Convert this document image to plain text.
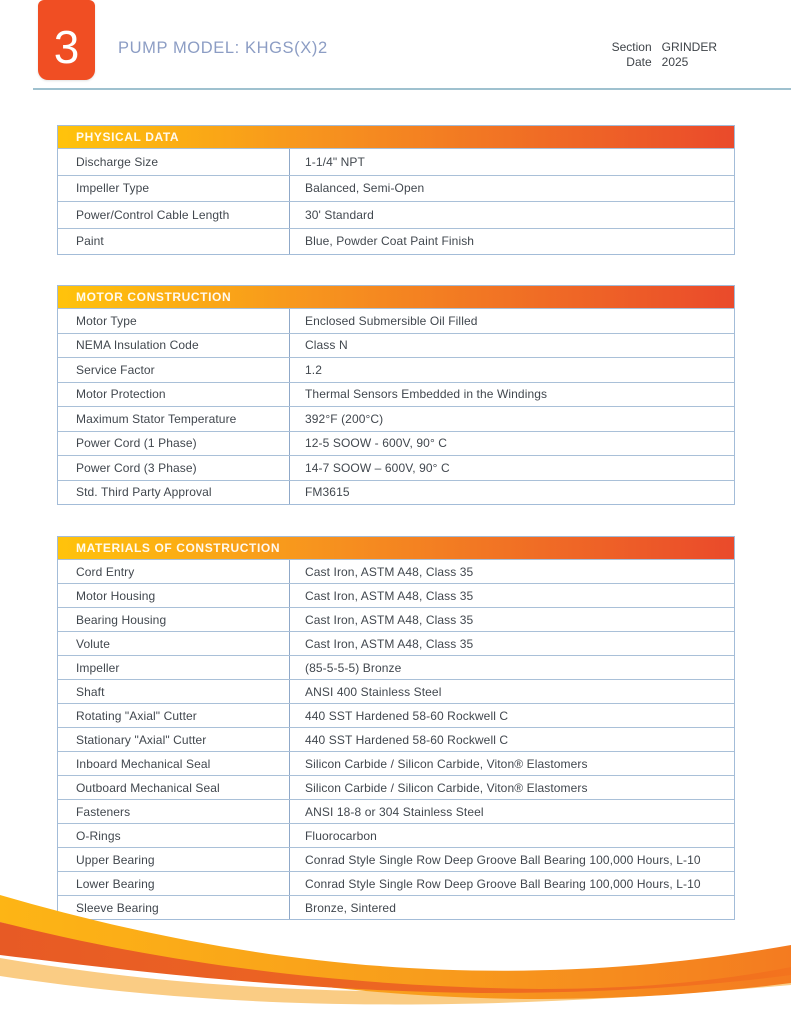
3 PUMP MODEL: KHGS(X)2	Section GRINDER
Date 2025
PHYSICAL DATA
Discharge Size	1-1/4" NPT
Impeller Type	Balanced, Semi-Open
Power/Control Cable Length	30' Standard
Paint	Blue, Powder Coat Paint Finish
MOTOR CONSTRUCTION
Motor Type	Enclosed Submersible Oil Filled
NEMA Insulation Code	Class N
Service Factor	1.2
Motor Protection	Thermal Sensors Embedded in the Windings
Maximum Stator Temperature	392°F (200°C)
Power Cord (1 Phase)	12-5 SOOW - 600V, 90° C
Power Cord (3 Phase)	14-7 SOOW – 600V, 90° C
Std. Third Party Approval	FM3615
MATERIALS OF CONSTRUCTION
Cord Entry	Cast Iron, ASTM A48, Class 35
Motor Housing	Cast Iron, ASTM A48, Class 35
Bearing Housing	Cast Iron, ASTM A48, Class 35
Volute	Cast Iron, ASTM A48, Class 35
Impeller	(85-5-5-5) Bronze
Shaft	ANSI 400 Stainless Steel
Rotating "Axial" Cutter	440 SST Hardened 58-60 Rockwell C
Stationary "Axial" Cutter	440 SST Hardened 58-60 Rockwell C
Inboard Mechanical Seal	Silicon Carbide / Silicon Carbide, Viton® Elastomers
Outboard Mechanical Seal	Silicon Carbide / Silicon Carbide, Viton® Elastomers
Fasteners	ANSI 18-8 or 304 Stainless Steel
O-Rings	Fluorocarbon
Upper Bearing	Conrad Style Single Row Deep Groove Ball Bearing 100,000 Hours, L-10
Lower Bearing	Conrad Style Single Row Deep Groove Ball Bearing 100,000 Hours, L-10
Sleeve Bearing	Bronze, Sintered
